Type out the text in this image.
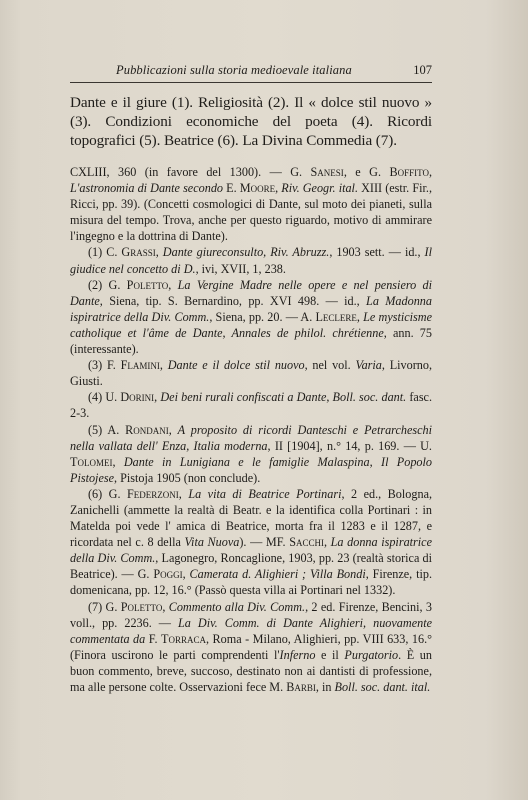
Pubblicazioni sulla storia medioevale italiana	107

Dante e il giure (1). Religiosità (2). Il « dolce stil nuovo » (3). Condizioni economiche del poeta (4). Ricordi topografici (5). Beatrice (6). La Divina Commedia (7).

CXLIII, 360 (in favore del 1300). — G. Sanesi, e G. Boffito, L'astronomia di Dante secondo E. Moore, Riv. Geogr. ital. XIII (estr. Fir., Ricci, pp. 39). (Concetti cosmologici di Dante, sul moto dei pianeti, sulla misura del tempo. Trova, anche per questo riguardo, motivo di ammirare l'ingegno e la dottrina di Dante).

(1) C. Grassi, Dante giureconsulto, Riv. Abruzz., 1903 sett. — id., Il giudice nel concetto di D., ivi, XVII, 1, 238.

(2) G. Poletto, La Vergine Madre nelle opere e nel pensiero di Dante, Siena, tip. S. Bernardino, pp. XVI 498. — id., La Madonna ispiratrice della Div. Comm., Siena, pp. 20. — A. Leclere, Le mysticisme catholique et l'âme de Dante, Annales de philol. chrétienne, ann. 75 (interessante).

(3) F. Flamini, Dante e il dolce stil nuovo, nel vol. Varia, Livorno, Giusti.

(4) U. Dorini, Dei beni rurali confiscati a Dante, Boll. soc. dant. fasc. 2-3.

(5) A. Rondani, A proposito di ricordi Danteschi e Petrarcheschi nella vallata dell' Enza, Italia moderna, II [1904], n.° 14, p. 169. — U. Tolomei, Dante in Lunigiana e le famiglie Malaspina, Il Popolo Pistojese, Pistoja 1905 (non conclude).

(6) G. Federzoni, La vita di Beatrice Portinari, 2 ed., Bologna, Zanichelli (ammette la realtà di Beatr. e la identifica colla Portinari : in Matelda poi vede l' amica di Beatrice, morta fra il 1283 e il 1287, e ricordata nel c. 8 della Vita Nuova). — MF. Sacchi, La donna ispiratrice della Div. Comm., Lagonegro, Roncaglione, 1903, pp. 23 (realtà storica di Beatrice). — G. Poggi, Camerata d. Alighieri ; Villa Bondi, Firenze, tip. domenicana, pp. 12, 16.° (Passò questa villa ai Portinari nel 1332).

(7) G. Poletto, Commento alla Div. Comm., 2 ed. Firenze, Bencini, 3 voll., pp. 2236. — La Div. Comm. di Dante Alighieri, nuovamente commentata da F. Torraca, Roma - Milano, Alighieri, pp. VIII 633, 16.° (Finora uscirono le parti comprendenti l'Inferno e il Purgatorio. È un buon commento, breve, succoso, destinato non ai dantisti di professione, ma alle persone colte. Osservazioni fece M. Barbi, in Boll. soc. dant. ital.
